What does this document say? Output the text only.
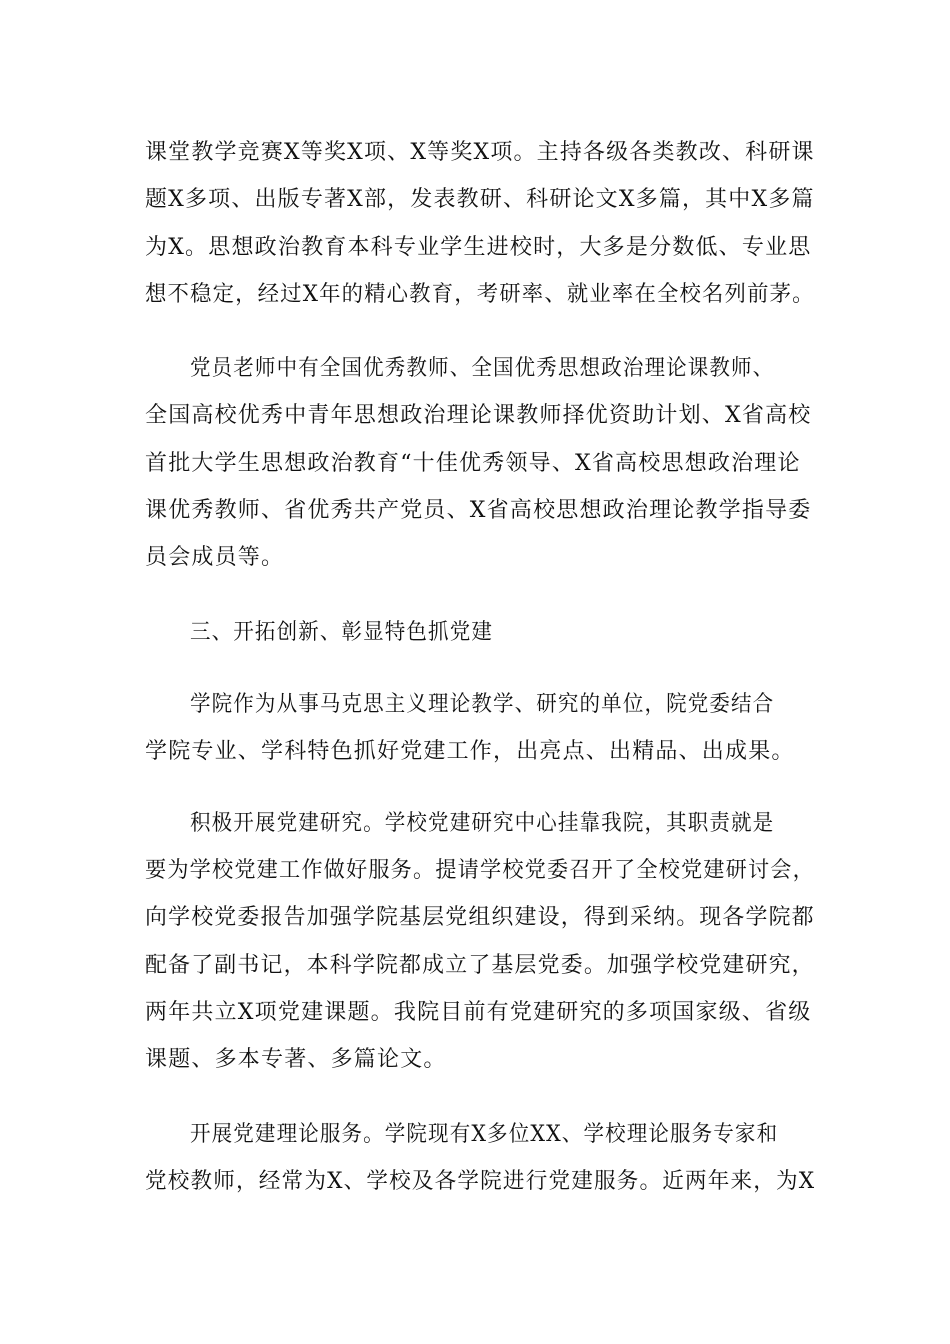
课堂教学竞赛X等奖X项、X等奖X项。主持各级各类教改、科研课
题X多项、出版专著X部，发表教研、科研论文X多篇，其中X多篇
为X。思想政治教育本科专业学生进校时，大多是分数低、专业思
想不稳定，经过X年的精心教育，考研率、就业率在全校名列前茅。
党员老师中有全国优秀教师、全国优秀思想政治理论课教师、
全国高校优秀中青年思想政治理论课教师择优资助计划、X省高校
首批大学生思想政治教育“十佳优秀领导、X省高校思想政治理论
课优秀教师、省优秀共产党员、X省高校思想政治理论教学指导委
员会成员等。
三、开拓创新、彰显特色抓党建
学院作为从事马克思主义理论教学、研究的单位，院党委结合
学院专业、学科特色抓好党建工作，出亮点、出精品、出成果。
积极开展党建研究。学校党建研究中心挂靠我院，其职责就是
要为学校党建工作做好服务。提请学校党委召开了全校党建研讨会，
向学校党委报告加强学院基层党组织建设，得到采纳。现各学院都
配备了副书记，本科学院都成立了基层党委。加强学校党建研究，
两年共立X项党建课题。我院目前有党建研究的多项国家级、省级
课题、多本专著、多篇论文。
开展党建理论服务。学院现有X多位XX、学校理论服务专家和
党校教师，经常为X、学校及各学院进行党建服务。近两年来，为X
